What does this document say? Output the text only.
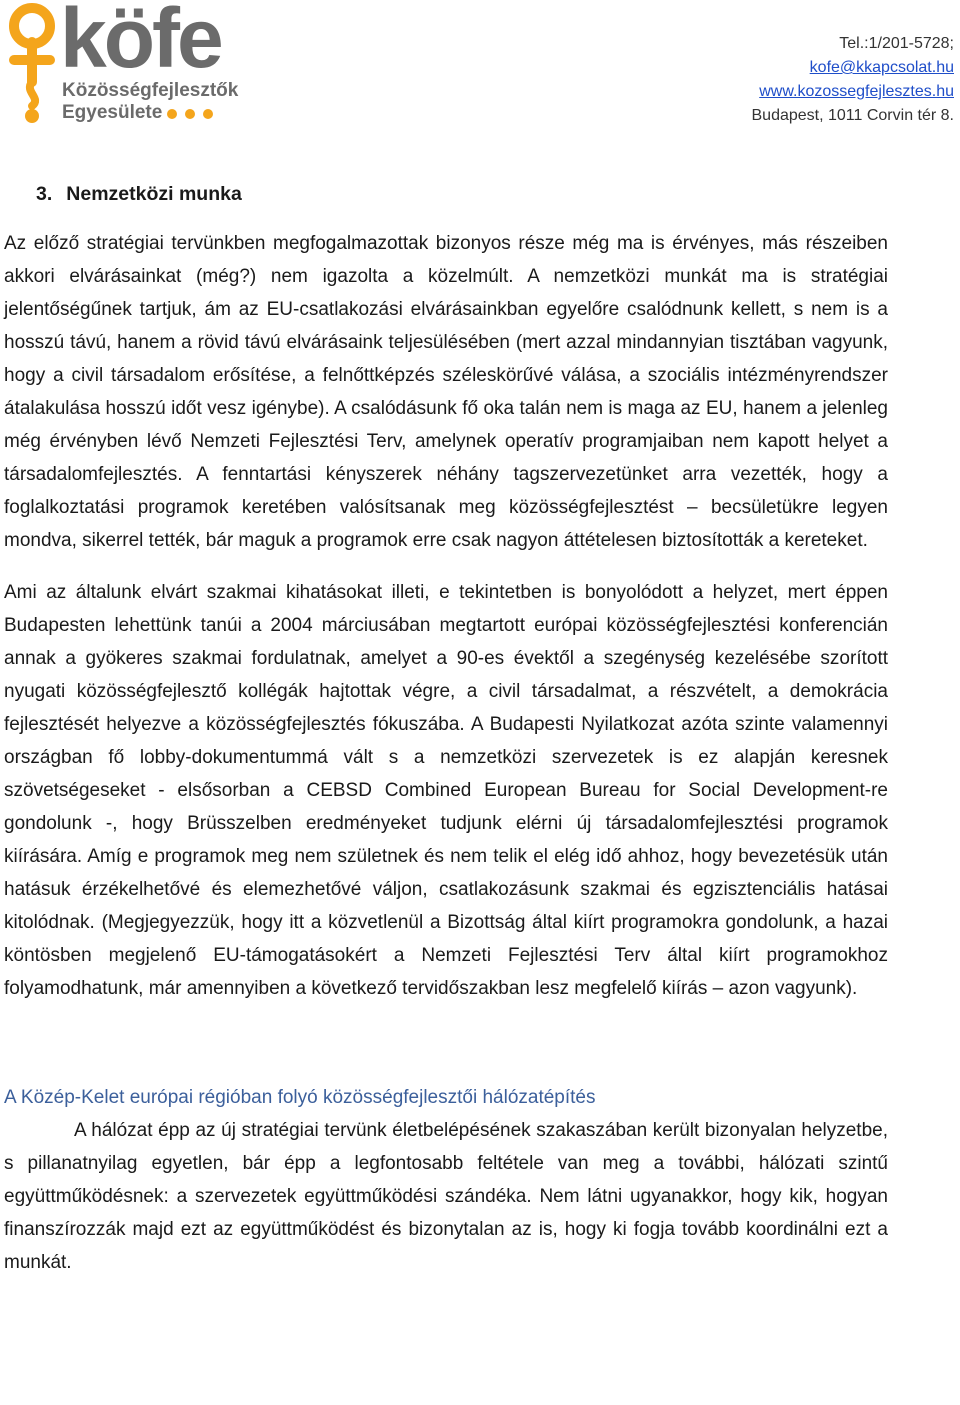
köfe
Közösségfejlesztők
Egyesülete
Tel.:1/201-5728;
kofe@kkapcsolat.hu
www.kozossegfejlesztes.hu
Budapest, 1011 Corvin tér 8.
3. Nemzetközi munka

Az előző stratégiai tervünkben megfogalmazottak bizonyos része még ma is érvényes, más részeiben akkori elvárásainkat (még?) nem igazolta a közelmúlt. A nemzetközi munkát ma is stratégiai jelentőségűnek tartjuk, ám az EU-csatlakozási elvárásainkban egyelőre csalódnunk kellett, s nem is a hosszú távú, hanem a rövid távú elvárásaink teljesülésében (mert azzal mindannyian tisztában vagyunk, hogy a civil társadalom erősítése, a felnőttképzés széleskörűvé válása, a szociális intézményrendszer átalakulása hosszú időt vesz igénybe). A csalódásunk fő oka talán nem is maga az EU, hanem a jelenleg még érvényben lévő Nemzeti Fejlesztési Terv, amelynek operatív programjaiban nem kapott helyet a társadalomfejlesztés. A fenntartási kényszerek néhány tagszervezetünket arra vezették, hogy a foglalkoztatási programok keretében valósítsanak meg közösségfejlesztést – becsületükre legyen mondva, sikerrel tették, bár maguk a programok erre csak nagyon áttételesen biztosították a kereteket.

Ami az általunk elvárt szakmai kihatásokat illeti, e tekintetben is bonyolódott a helyzet, mert éppen Budapesten lehettünk tanúi a 2004 márciusában megtartott európai közösségfejlesztési konferencián annak a gyökeres szakmai fordulatnak, amelyet a 90-es évektől a szegénység kezelésébe szorított nyugati közösségfejlesztő kollégák hajtottak végre, a civil társadalmat, a részvételt, a demokrácia fejlesztését helyezve a közösségfejlesztés fókuszába. A Budapesti Nyilatkozat azóta szinte valamennyi országban fő lobby-dokumentummá vált s a nemzetközi szervezetek is ez alapján keresnek szövetségeseket - elsősorban a CEBSD Combined European Bureau for Social Development-re gondolunk -, hogy Brüsszelben eredményeket tudjunk elérni új társadalomfejlesztési programok kiírására. Amíg e programok meg nem születnek és nem telik el elég idő ahhoz, hogy bevezetésük után hatásuk érzékelhetővé és elemezhetővé váljon, csatlakozásunk szakmai és egzisztenciális hatásai kitolódnak. (Megjegyezzük, hogy itt a közvetlenül a Bizottság által kiírt programokra gondolunk, a hazai köntösben megjelenő EU-támogatásokért a Nemzeti Fejlesztési Terv által kiírt programokhoz folyamodhatunk, már amennyiben a következő tervidőszakban lesz megfelelő kiírás – azon vagyunk).

A Közép-Kelet európai régióban folyó közösségfejlesztői hálózatépítés

A hálózat épp az új stratégiai tervünk életbelépésének szakaszában került bizonyalan helyzetbe, s pillanatnyilag egyetlen, bár épp a legfontosabb feltétele van meg a további, hálózati szintű együttműködésnek: a szervezetek együttműködési szándéka. Nem látni ugyanakkor, hogy kik, hogyan finanszírozzák majd ezt az együttműködést és bizonytalan az is, hogy ki fogja tovább koordinálni ezt a munkát.
